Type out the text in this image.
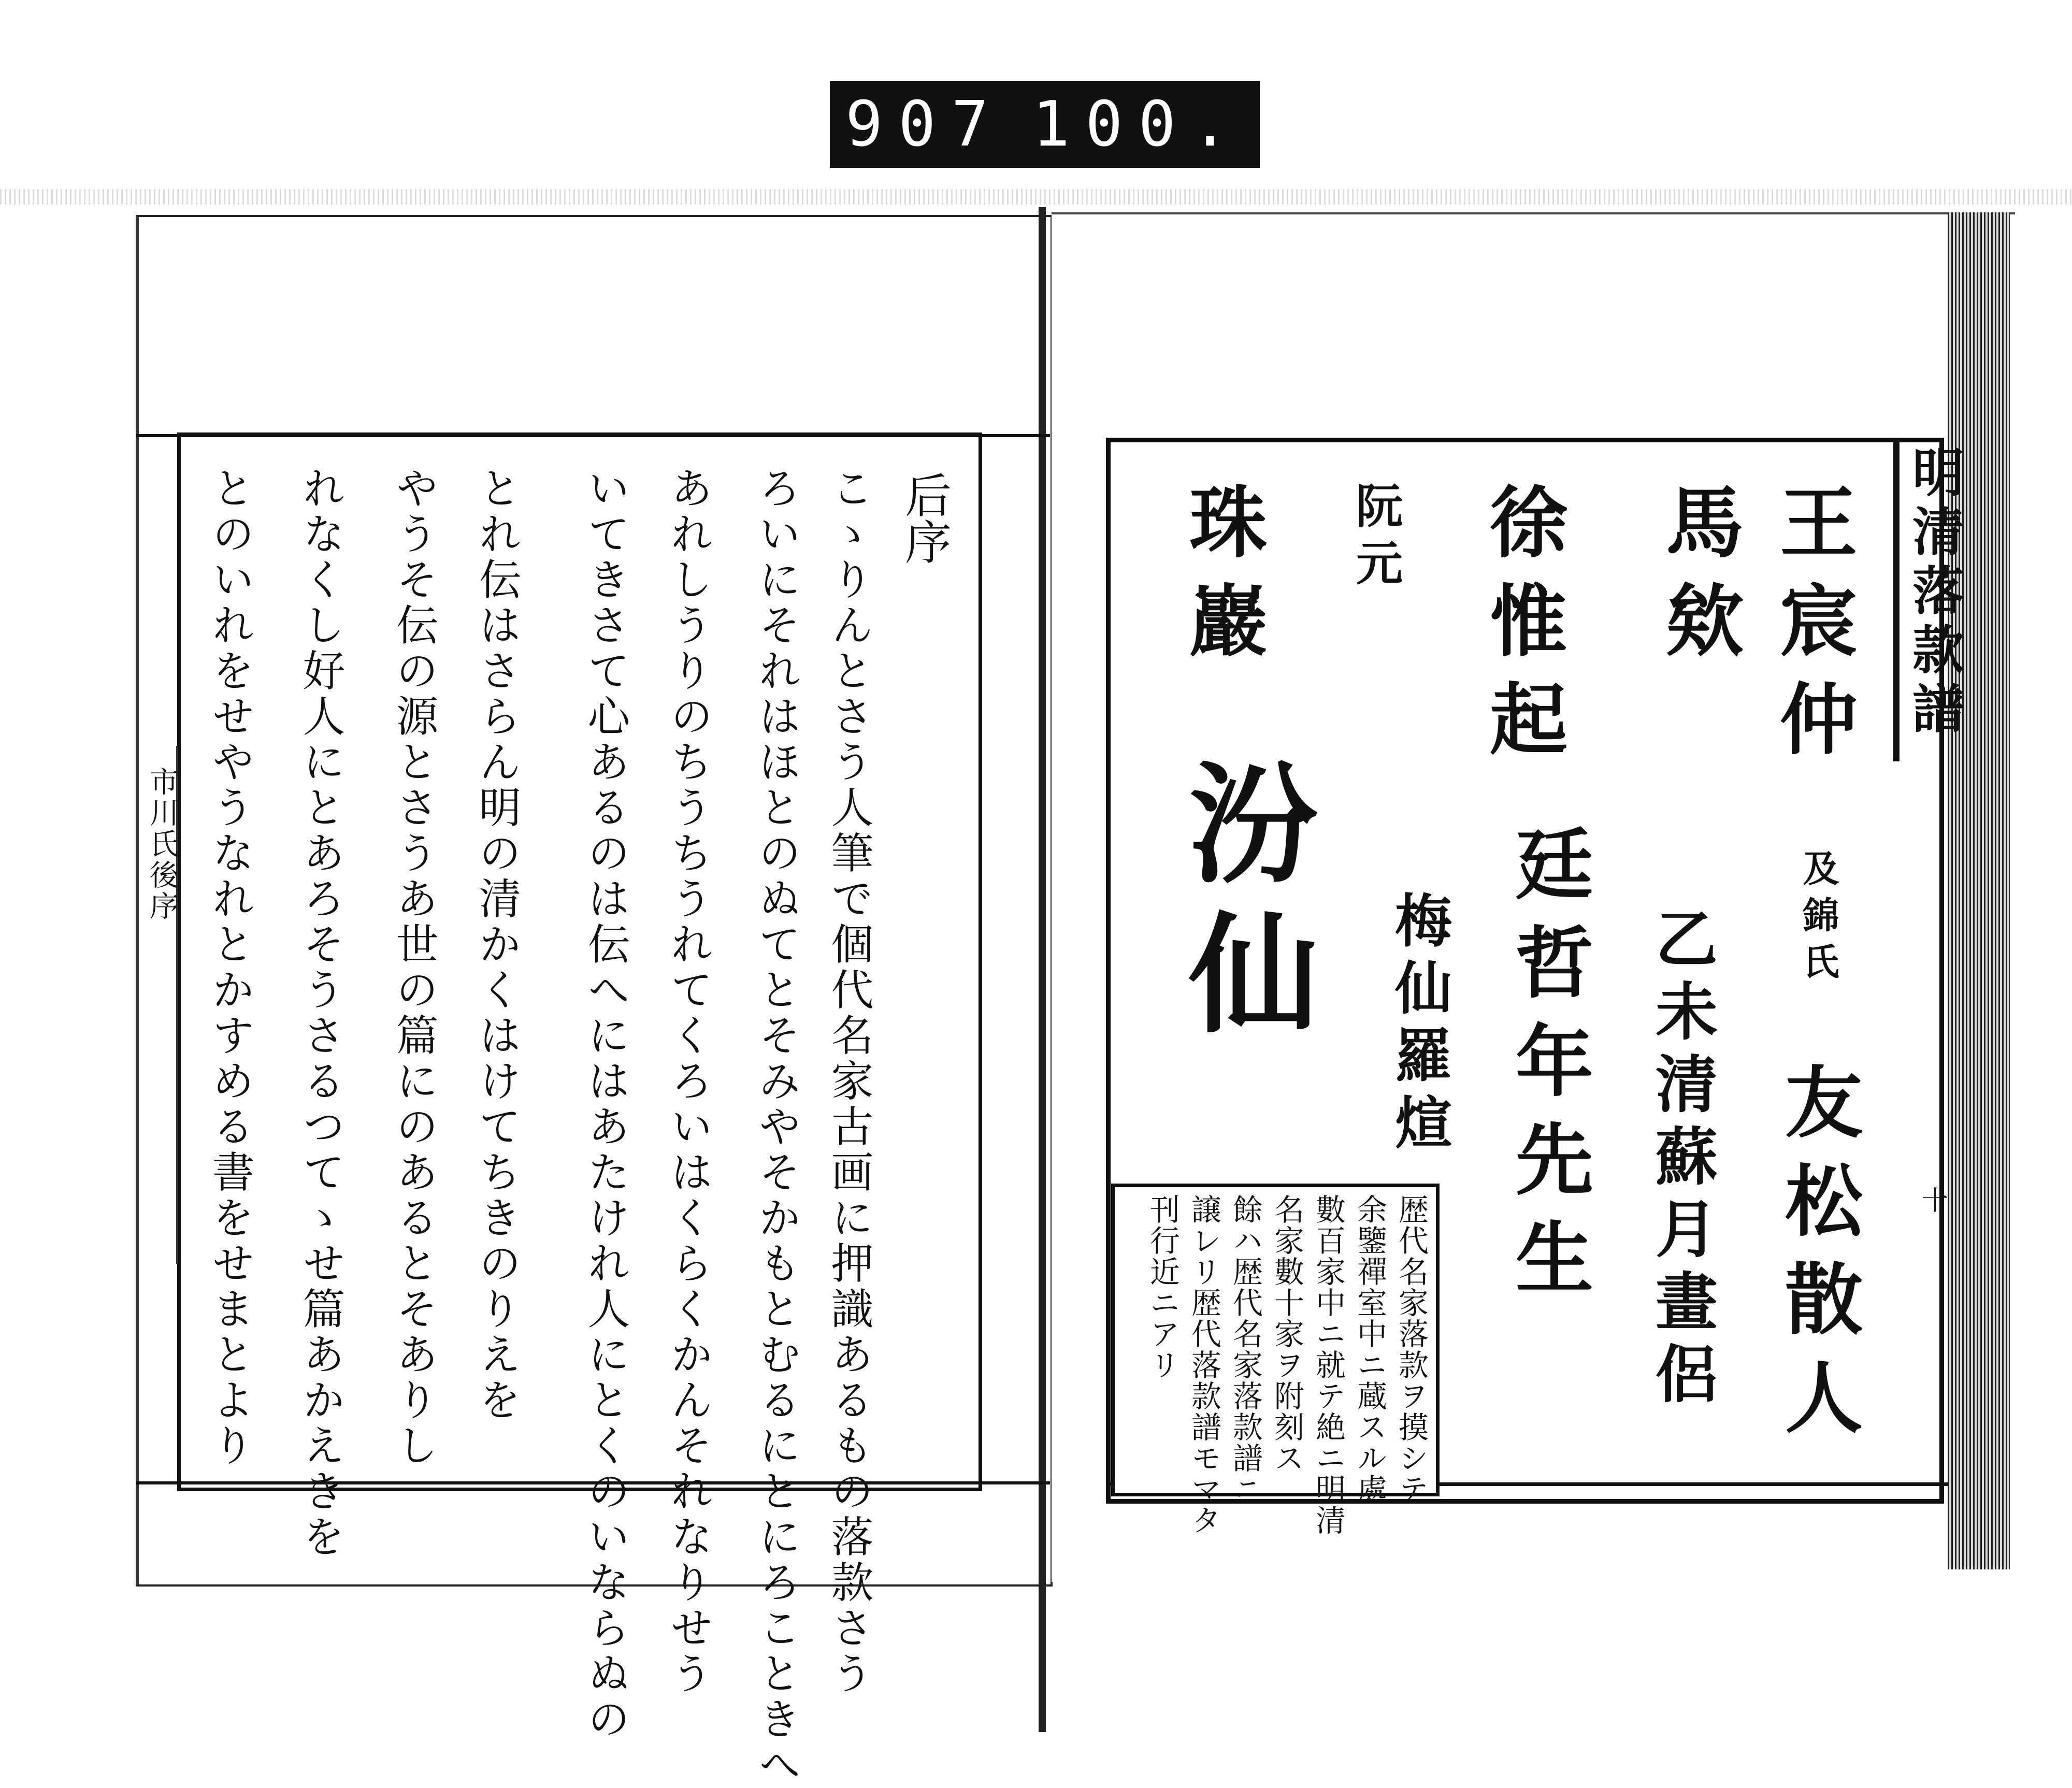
907 100.
市川氏後序
后序
こゝりんとさう人筆で個代名家古画に押識あるもの落款さう
ろいにそれはほとのぬてとそみやそかもとむるにとにろこときへ
あれしうりのちうちうれてくろいはくらくかんそれなりせう
いてきさて心あるのは伝へにはあたけれ人にとくのいならぬの
とれ伝はさらん明の清かくはけてちきのりえを
やうそ伝の源とさうあ世の篇にのあるとそありし
れなくし好人にとあろそうさるつてゝせ篇あかえきを
とのいれをせやうなれとかすめる書をせまとより	王宸仲
馬欸
徐惟起
阮元
珠巖
及錦氏
友松散人
乙未清蘇月畫侶
廷哲年先生
梅仙羅煊
汾仙
歴代名家落款ヲ摸シテ
余鑒禪室中ニ蔵スル處
數百家中ニ就テ絶ニ明清
名家數十家ヲ附刻ス
餘ハ歴代名家落款譜ニ
譲レリ歴代落款譜モマタ
刊行近ニアリ
明清落款譜
十
